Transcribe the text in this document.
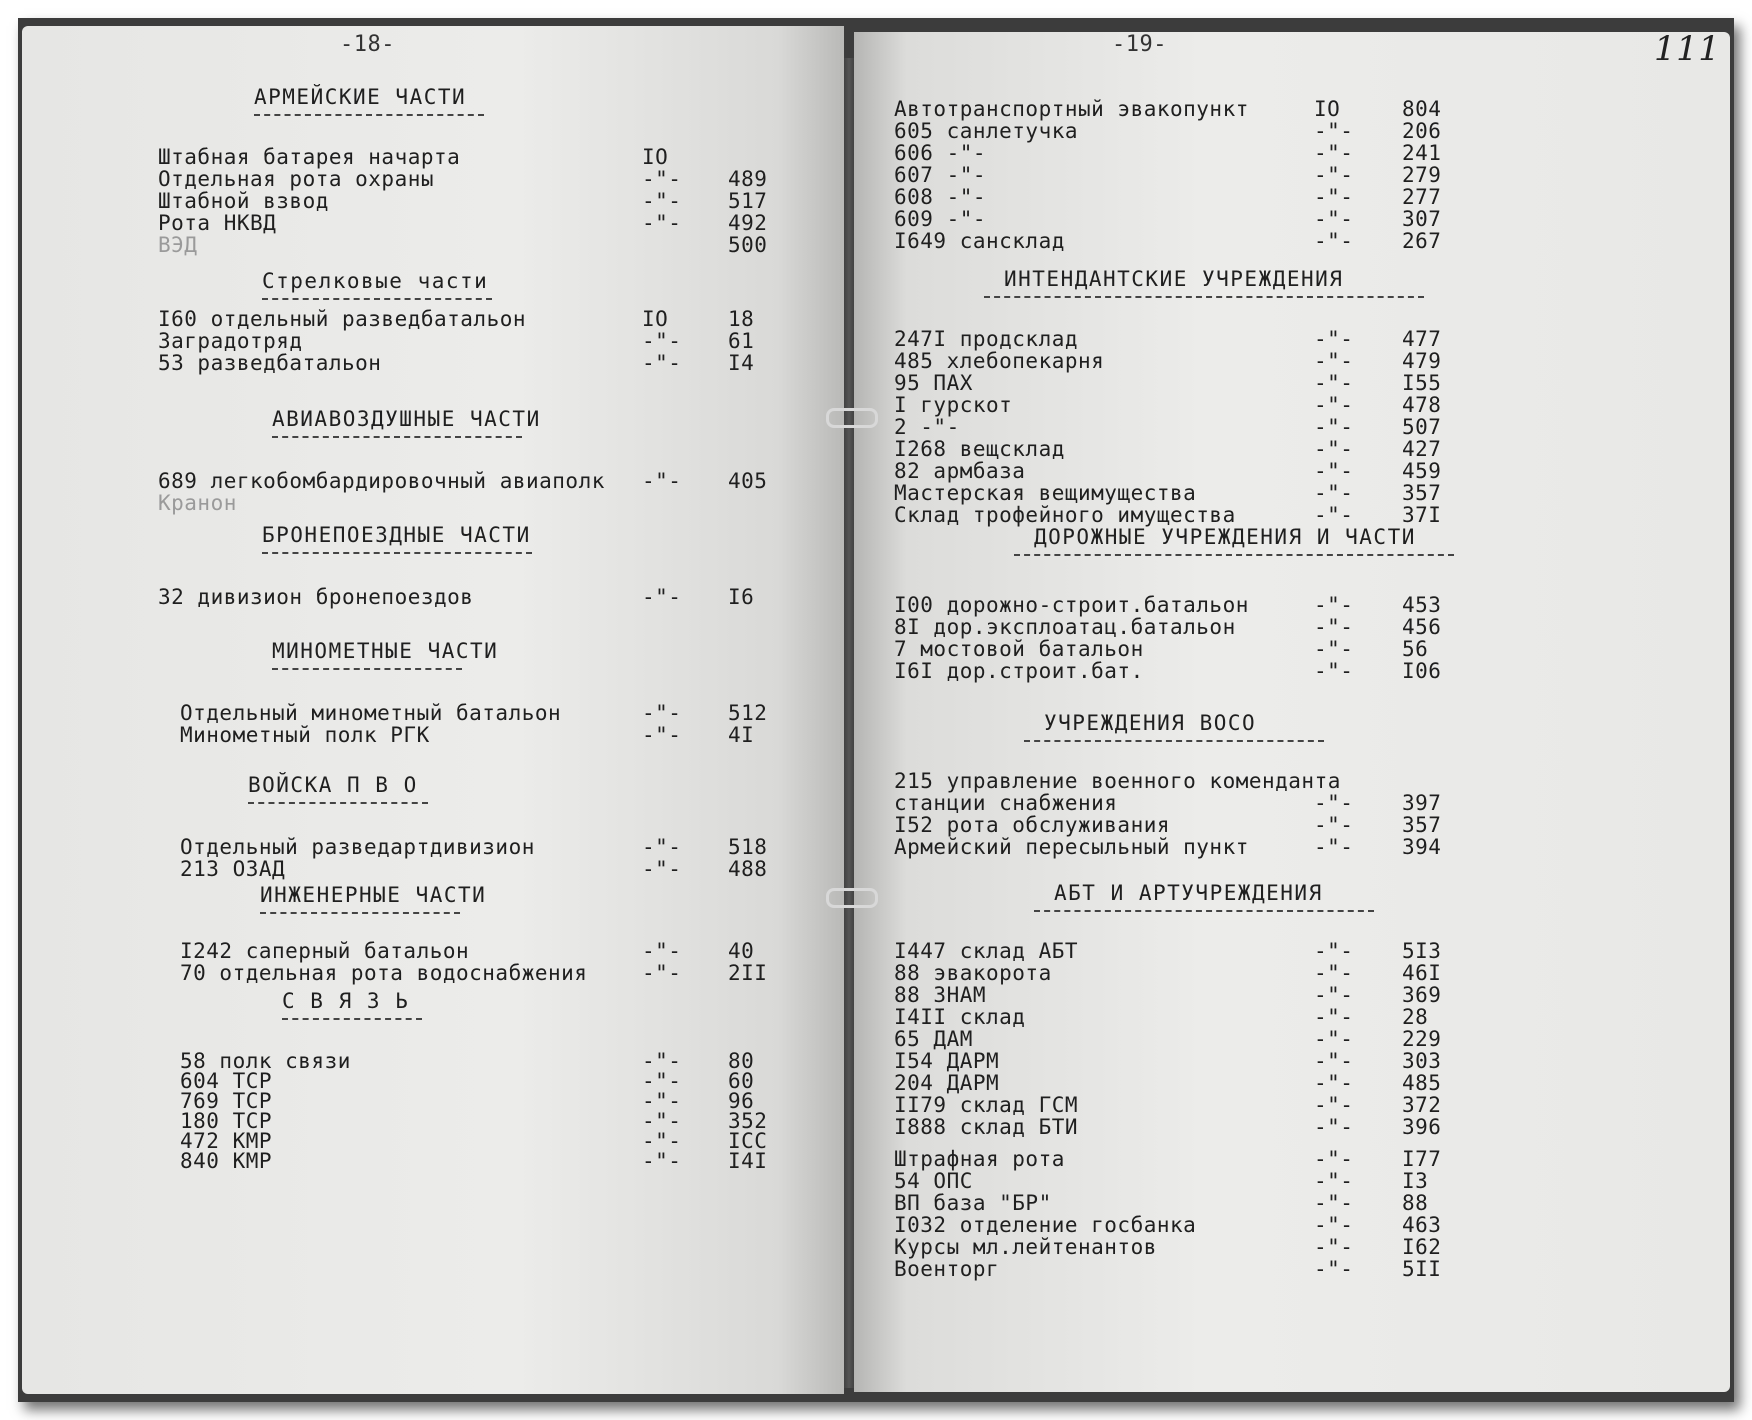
-18-
АРМЕЙСКИЕ ЧАСТИ
Штабная батарея начарта	IO
Отдельная рота охраны	-"- 489
Штабной взвод	-"- 517
Рота НКВД	-"- 492
ВЭД	500
Стрелковые части
I60 отдельный разведбатальон	IO	18
Заградотряд	-"- 61
53 разведбатальон	-"- I4
АВИАВОЗДУШНЫЕ ЧАСТИ
689 легкобомбардировочный авиаполк -"- 405
Кранон
БРОНЕПОЕЗДНЫЕ ЧАСТИ
32 дивизион бронепоездов	-"- I6
МИНОМЕТНЫЕ ЧАСТИ
Отдельный минометный батальон	-"- 512
Минометный полк РГК	-"- 4I
ВОЙСКА П В О
Отдельный разведартдивизион	-"- 518
213 ОЗАД	-"- 488
ИНЖЕНЕРНЫЕ ЧАСТИ
I242 саперный батальон	-"- 40
70 отдельная рота водоснабжения	-"- 2II
С В Я З Ь
58 полк связи	-"- 80
604 ТСР	-"- 60
769 ТСР	-"- 96
180 ТСР	-"- 352
472 КМР	-"- ICC
840 КМР	-"- I4I
-19-	111
Автотранспортный эвакопункт	IO	804
605 санлетучка	-"- 206
606 -"-	-"- 241
607 -"-	-"- 279
608 -"-	-"- 277
609 -"-	-"- 307
I649 сансклад	-"- 267
ИНТЕНДАНТСКИЕ УЧРЕЖДЕНИЯ
247I продсклад	-"- 477
485 хлебопекарня	-"- 479
95 ПАХ	-"- I55
I гурскот	-"- 478
2 -"-	-"- 507
I268 вещсклад	-"- 427
82 армбаза	-"- 459
Мастерская вещимущества	-"- 357
Склад трофейного имущества	-"- 37I
ДОРОЖНЫЕ УЧРЕЖДЕНИЯ И ЧАСТИ
I00 дорожно-строит.батальон	-"- 453
8I дор.эксплоатац.батальон	-"- 456
7 мостовой батальон	-"- 56
I6I дор.строит.бат.	-"- I06
УЧРЕЖДЕНИЯ ВОСО
215 управление военного коменданта
станции снабжения	-"- 397
I52 рота обслуживания	-"- 357
Армейский пересыльный пункт	-"- 394
АБТ И АРТУЧРЕЖДЕНИЯ
I447 склад АБТ	-"- 5I3
88 эвакорота	-"- 46I
88 ЗНАМ	-"- 369
I4II склад	-"- 28
65 ДАМ	-"- 229
I54 ДАРМ	-"- 303
204 ДАРМ	-"- 485
II79 склад ГСМ	-"- 372
I888 склад БТИ	-"- 396
Штрафная рота	-"- I77
54 ОПС	-"- I3
ВП база "БР"	-"- 88
I032 отделение госбанка	-"- 463
Курсы мл.лейтенантов	-"- I62
Военторг	-"- 5II
